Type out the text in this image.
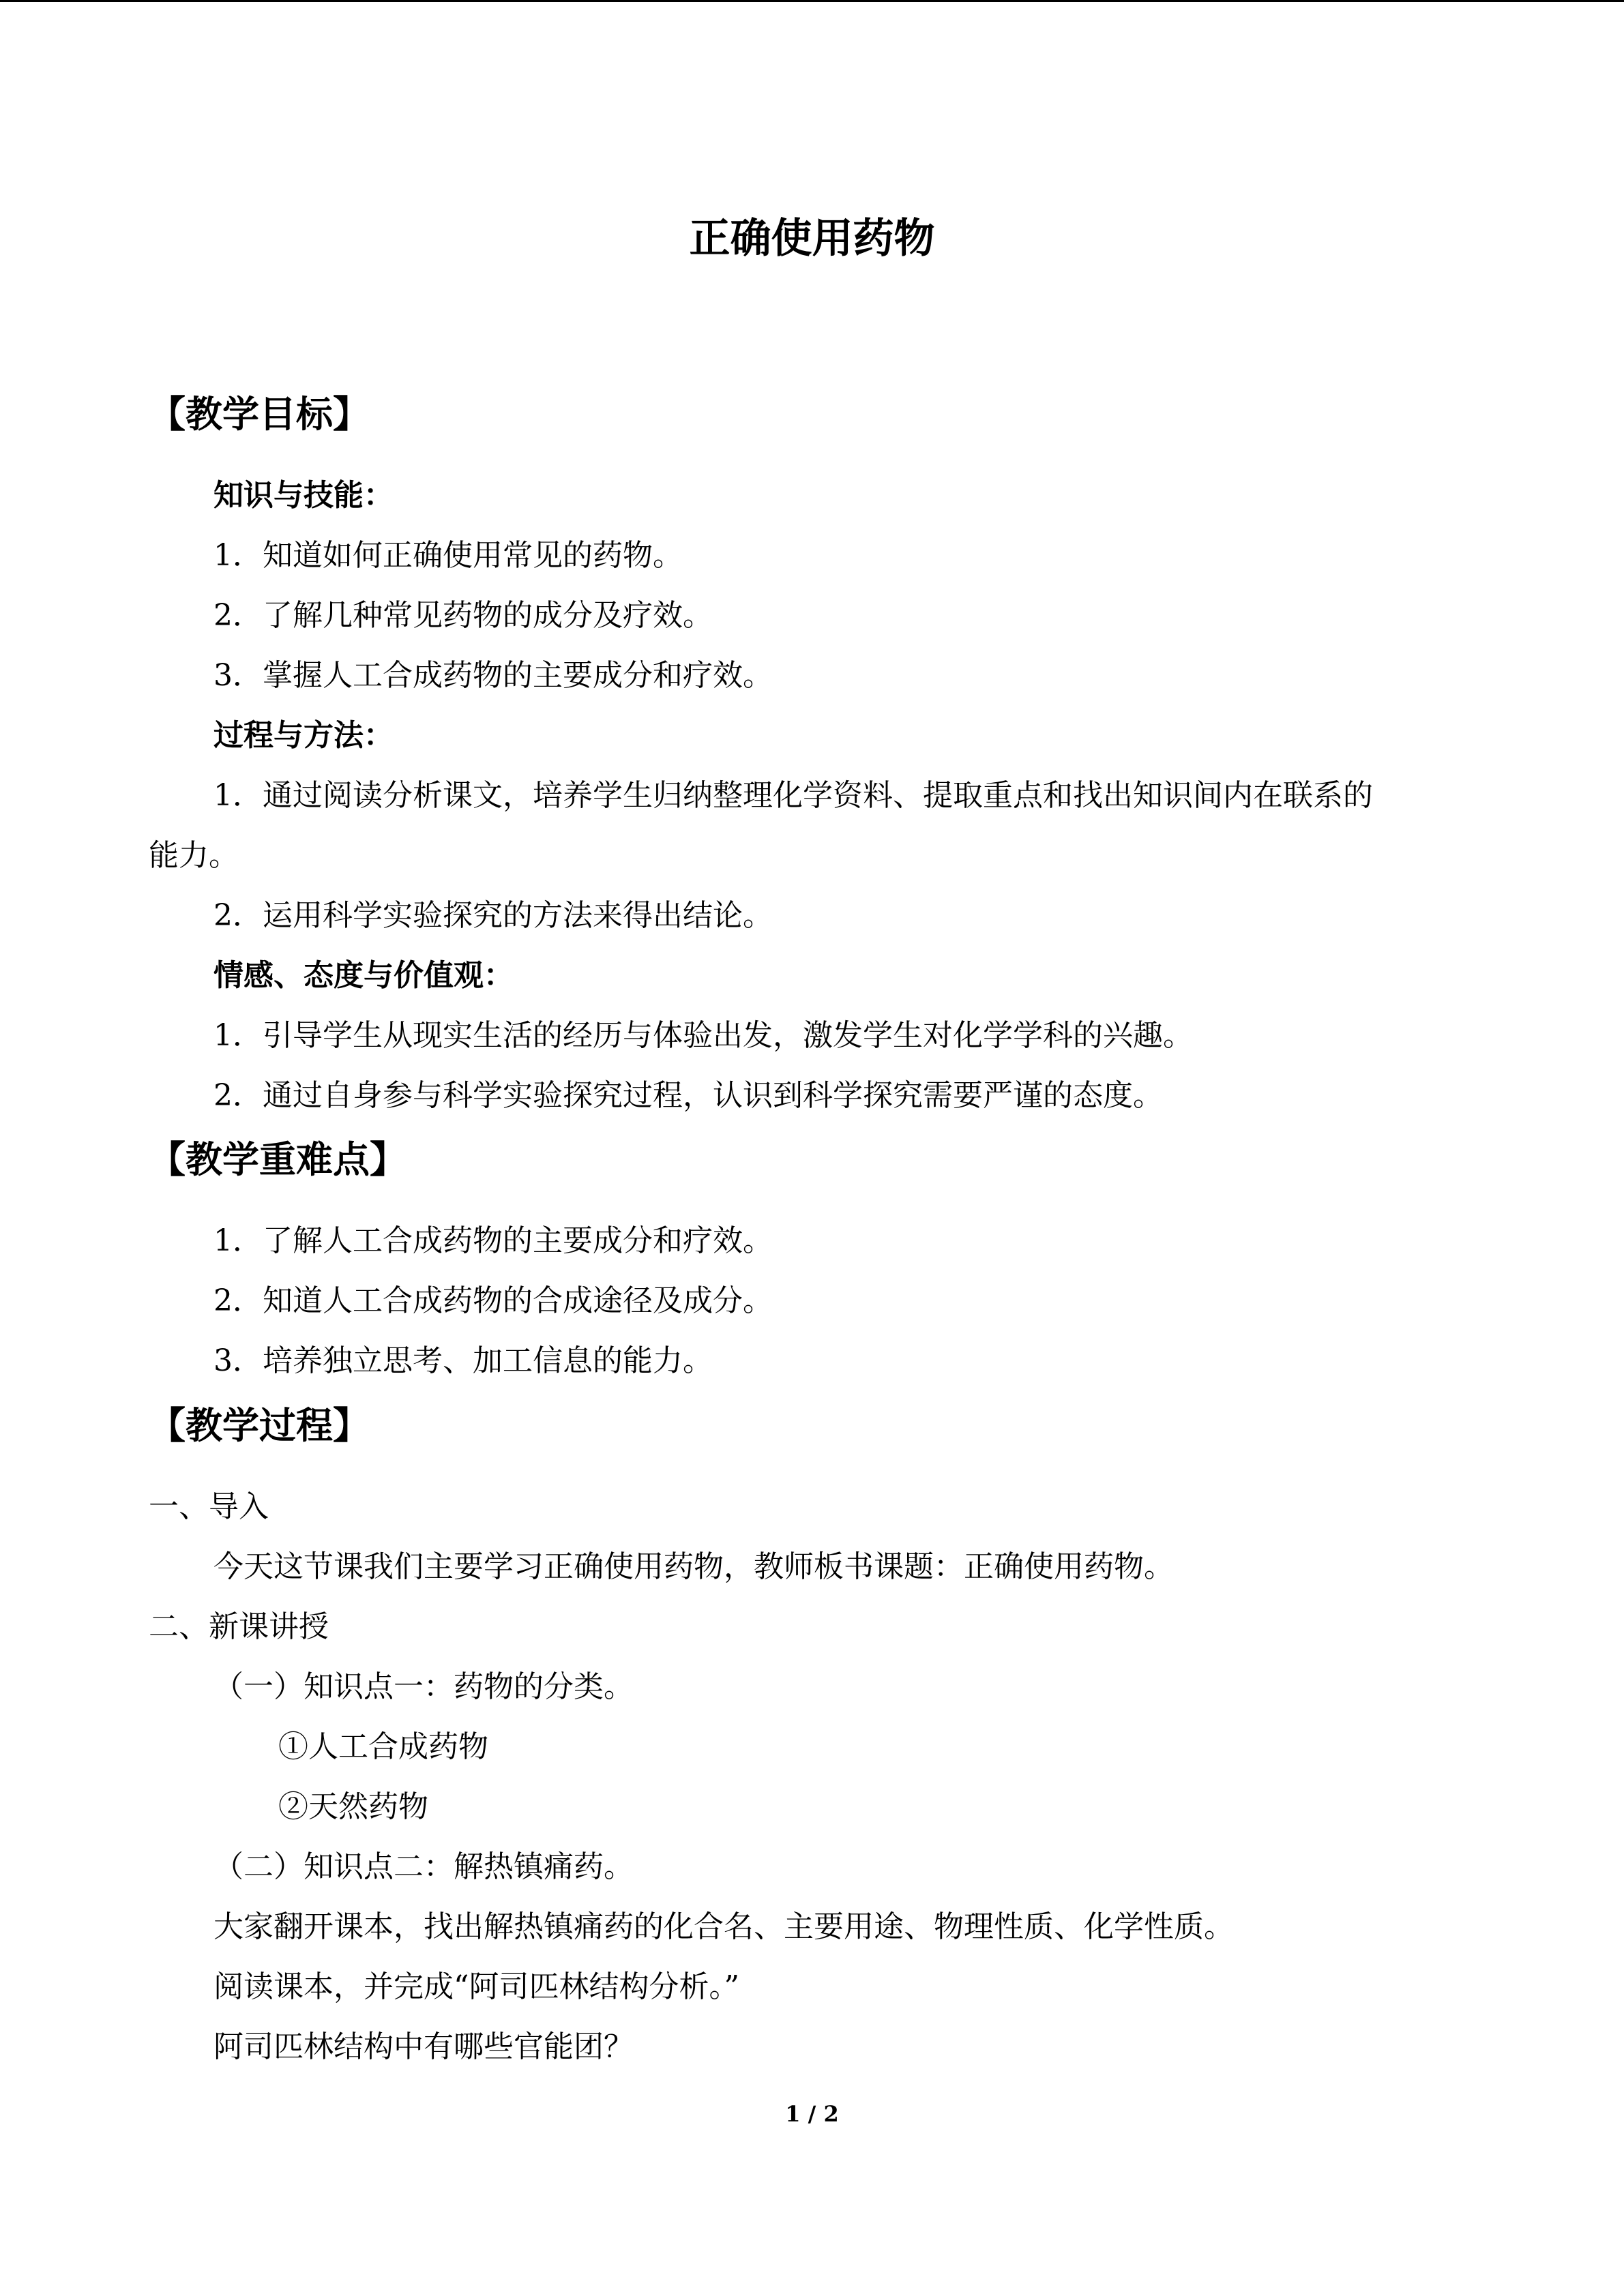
正确使用药物
【教学目标】
知识与技能：
1．知道如何正确使用常见的药物。
2．了解几种常见药物的成分及疗效。
3．掌握人工合成药物的主要成分和疗效。
过程与方法：
1．通过阅读分析课文，培养学生归纳整理化学资料、提取重点和找出知识间内在联系的
能力。
2．运用科学实验探究的方法来得出结论。
情感、态度与价值观：
1．引导学生从现实生活的经历与体验出发，激发学生对化学学科的兴趣。
2．通过自身参与科学实验探究过程，认识到科学探究需要严谨的态度。
【教学重难点】
1．了解人工合成药物的主要成分和疗效。
2．知道人工合成药物的合成途径及成分。
3．培养独立思考、加工信息的能力。
【教学过程】
一、导入
今天这节课我们主要学习正确使用药物，教师板书课题：正确使用药物。
二、新课讲授
（一）知识点一：药物的分类。
①人工合成药物
②天然药物
（二）知识点二：解热镇痛药。
大家翻开课本，找出解热镇痛药的化合名、主要用途、物理性质、化学性质。
阅读课本，并完成“阿司匹林结构分析。”
阿司匹林结构中有哪些官能团？
1 / 2
